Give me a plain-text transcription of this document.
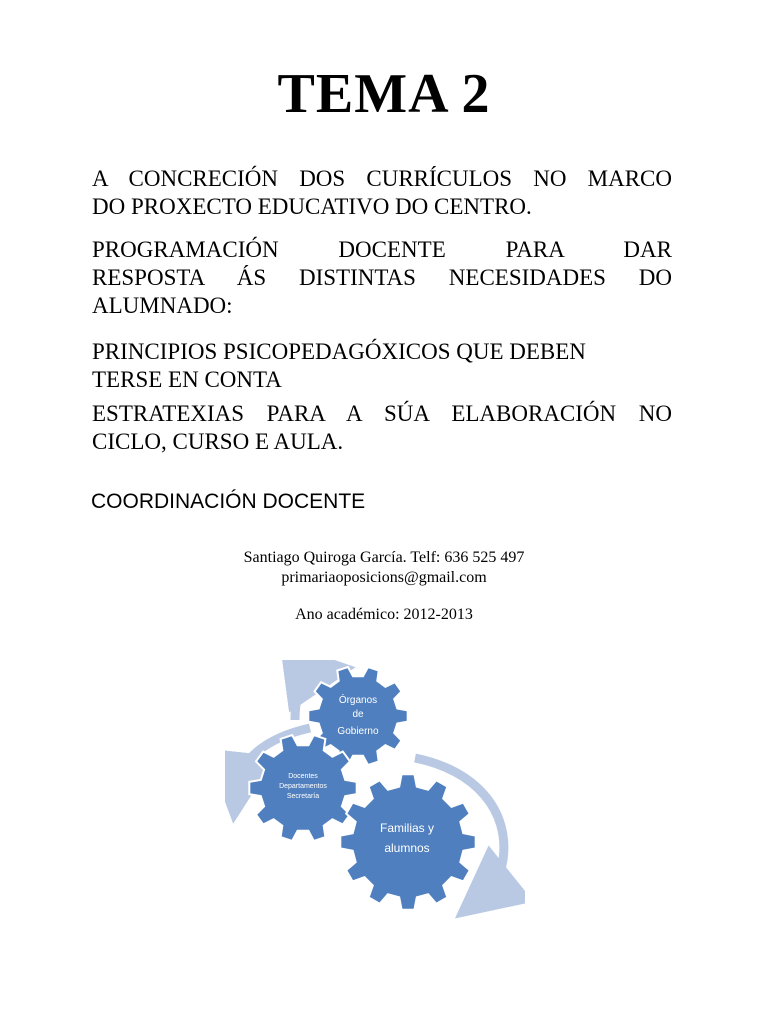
TEMA 2
A CONCRECIÓN DOS CURRÍCULOS NO MARCO
DO PROXECTO EDUCATIVO DO CENTRO.
PROGRAMACIÓN DOCENTE PARA DAR
RESPOSTA ÁS DISTINTAS NECESIDADES DO
ALUMNADO:
PRINCIPIOS PSICOPEDAGÓXICOS QUE DEBEN
TERSE EN CONTA
ESTRATEXIAS PARA A SÚA ELABORACIÓN NO
CICLO, CURSO E AULA.
COORDINACIÓN DOCENTE
Santiago Quiroga García. Telf: 636 525 497
primariaoposicions@gmail.com
Ano académico: 2012-2013
Órganos
de
Gobierno
Docentes
Departamentos
Secretaría
Familias y
alumnos
